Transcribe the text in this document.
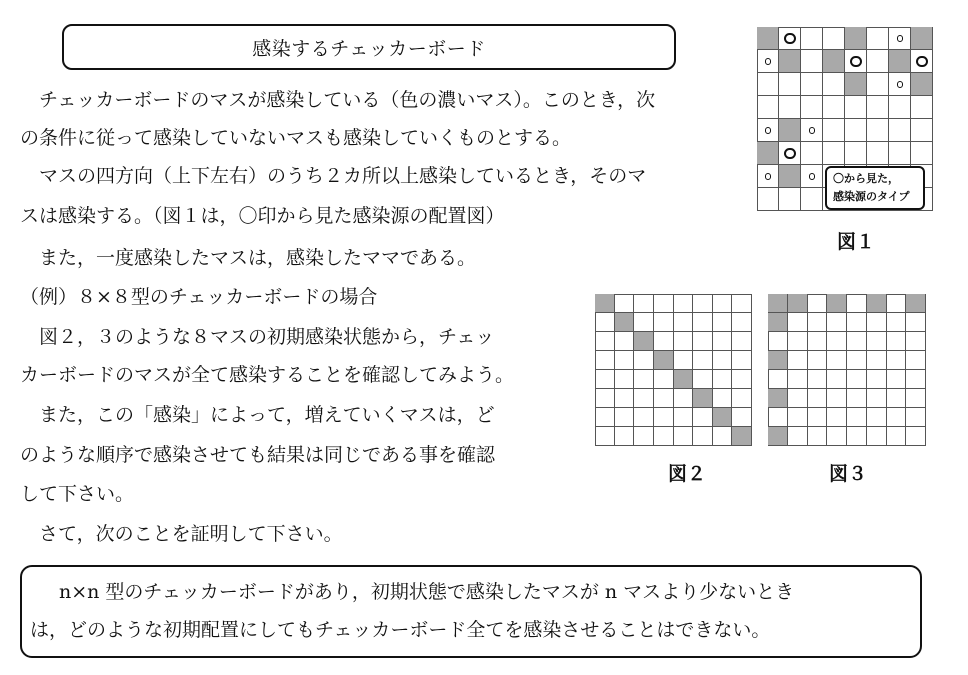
感染するチェッカーボード
　チェッカーボードのマスが感染している（色の濃いマス）。このとき，次
の条件に従って感染していないマスも感染していくものとする。
　マスの四方向（上下左右）のうち２カ所以上感染しているとき，そのマ
スは感染する。（図１は，〇印から見た感染源の配置図）
　また，一度感染したマスは，感染したママである。
（例）８×８型のチェッカーボードの場合
　図２，３のような８マスの初期感染状態から，チェッ
カーボードのマスが全て感染することを確認してみよう。
　また，この「感染」によって，増えていくマスは，ど
のような順序で感染させても結果は同じである事を確認
して下さい。
　さて，次のことを証明して下さい。
〇から見た，
感染源のタイプ
図１
図２	図３
　n×n 型のチェッカーボードがあり，初期状態で感染したマスが n マスより少ないとき
は，どのような初期配置にしてもチェッカーボード全てを感染させることはできない。
